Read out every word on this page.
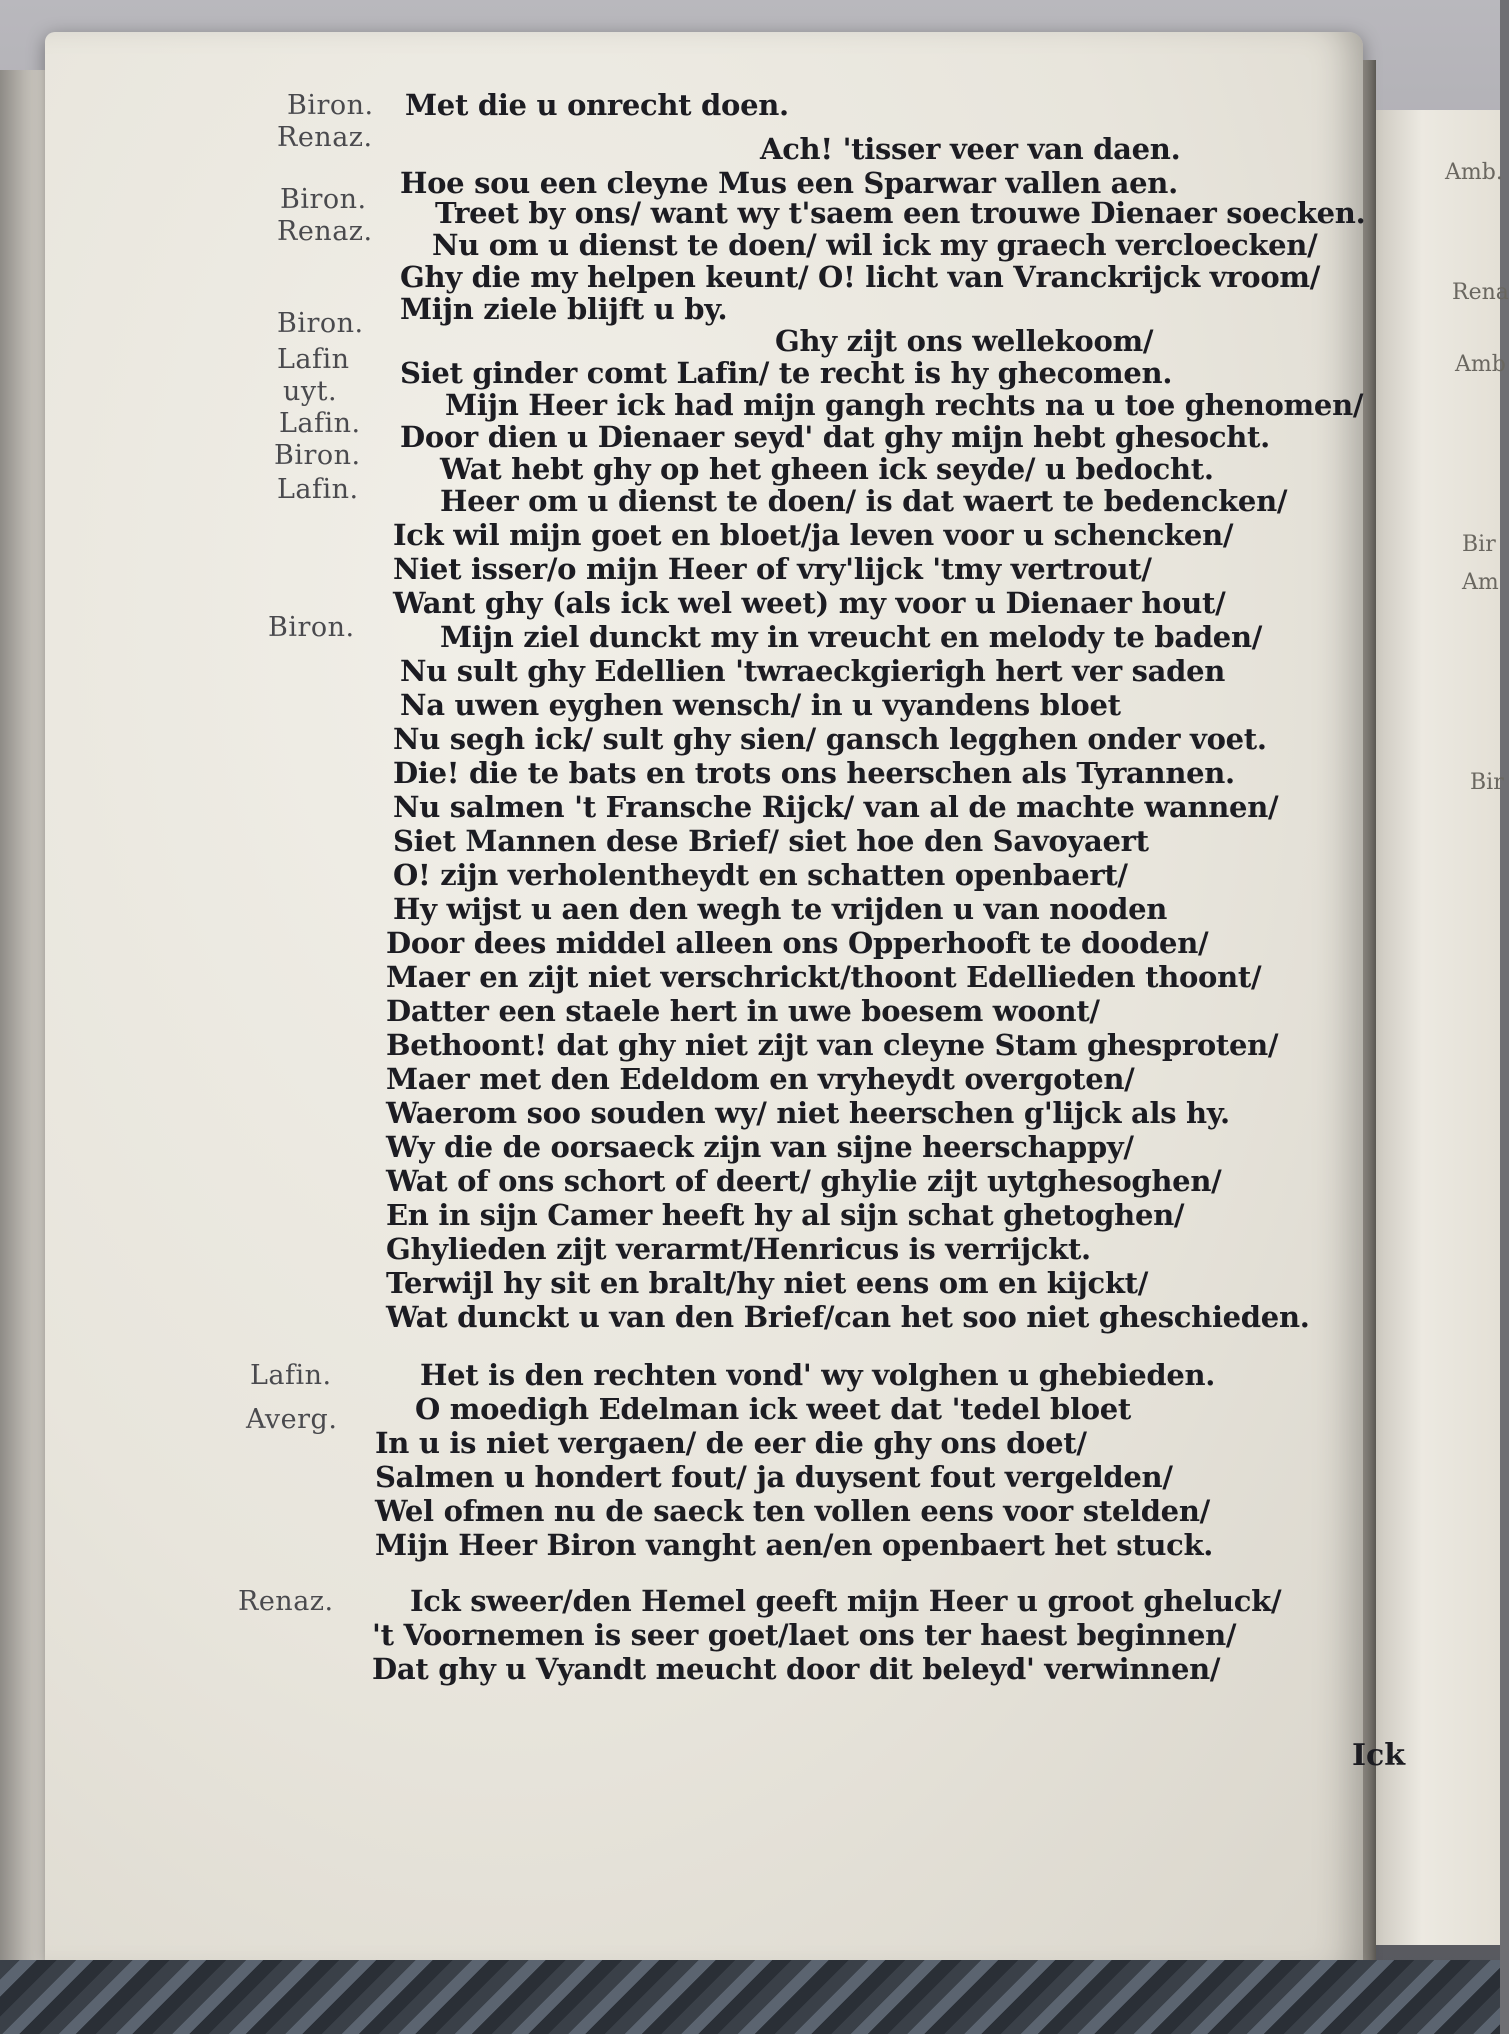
Biron.
Renaz.
Biron.
Renaz.
Biron.
Lafin
uyt.
Lafin.
Biron.
Lafin.
Biron.
Lafin.
Averg.
Renaz.
Met die u onrecht doen.
Ach! 'tisser veer van daen.
Hoe sou een cleyne Mus een Sparwar vallen aen.
Treet by ons/ want wy t'saem een trouwe Dienaer soecken.
Nu om u dienst te doen/ wil ick my graech vercloecken/
Ghy die my helpen keunt/ O! licht van Vranckrijck vroom/
Mijn ziele blijft u by.
Ghy zijt ons wellekoom/
Siet ginder comt Lafin/ te recht is hy ghecomen.
Mijn Heer ick had mijn gangh rechts na u toe ghenomen/
Door dien u Dienaer seyd' dat ghy mijn hebt ghesocht.
Wat hebt ghy op het gheen ick seyde/ u bedocht.
Heer om u dienst te doen/ is dat waert te bedencken/
Ick wil mijn goet en bloet/ja leven voor u schencken/
Niet isser/o mijn Heer of vry'lijck 'tmy vertrout/
Want ghy (als ick wel weet) my voor u Dienaer hout/
Mijn ziel dunckt my in vreucht en melody te baden/
Nu sult ghy Edellien 'twraeckgierigh hert ver saden
Na uwen eyghen wensch/ in u vyandens bloet
Nu segh ick/ sult ghy sien/ gansch legghen onder voet.
Die! die te bats en trots ons heerschen als Tyrannen.
Nu salmen 't Fransche Rijck/ van al de machte wannen/
Siet Mannen dese Brief/ siet hoe den Savoyaert
O! zijn verholentheydt en schatten openbaert/
Hy wijst u aen den wegh te vrijden u van nooden
Door dees middel alleen ons Opperhooft te dooden/
Maer en zijt niet verschrickt/thoont Edellieden thoont/
Datter een staele hert in uwe boesem woont/
Bethoont! dat ghy niet zijt van cleyne Stam ghesproten/
Maer met den Edeldom en vryheydt overgoten/
Waerom soo souden wy/ niet heerschen g'lijck als hy.
Wy die de oorsaeck zijn van sijne heerschappy/
Wat of ons schort of deert/ ghylie zijt uytghesoghen/
En in sijn Camer heeft hy al sijn schat ghetoghen/
Ghylieden zijt verarmt/Henricus is verrijckt.
Terwijl hy sit en bralt/hy niet eens om en kijckt/
Wat dunckt u van den Brief/can het soo niet gheschieden.
Het is den rechten vond' wy volghen u ghebieden.
O moedigh Edelman ick weet dat 'tedel bloet
In u is niet vergaen/ de eer die ghy ons doet/
Salmen u hondert fout/ ja duysent fout vergelden/
Wel ofmen nu de saeck ten vollen eens voor stelden/
Mijn Heer Biron vanght aen/en openbaert het stuck.
Ick sweer/den Hemel geeft mijn Heer u groot gheluck/
't Voornemen is seer goet/laet ons ter haest beginnen/
Dat ghy u Vyandt meucht door dit beleyd' verwinnen/
Amb.
Rena
Amb
Bir
Am
Bir
Ick
